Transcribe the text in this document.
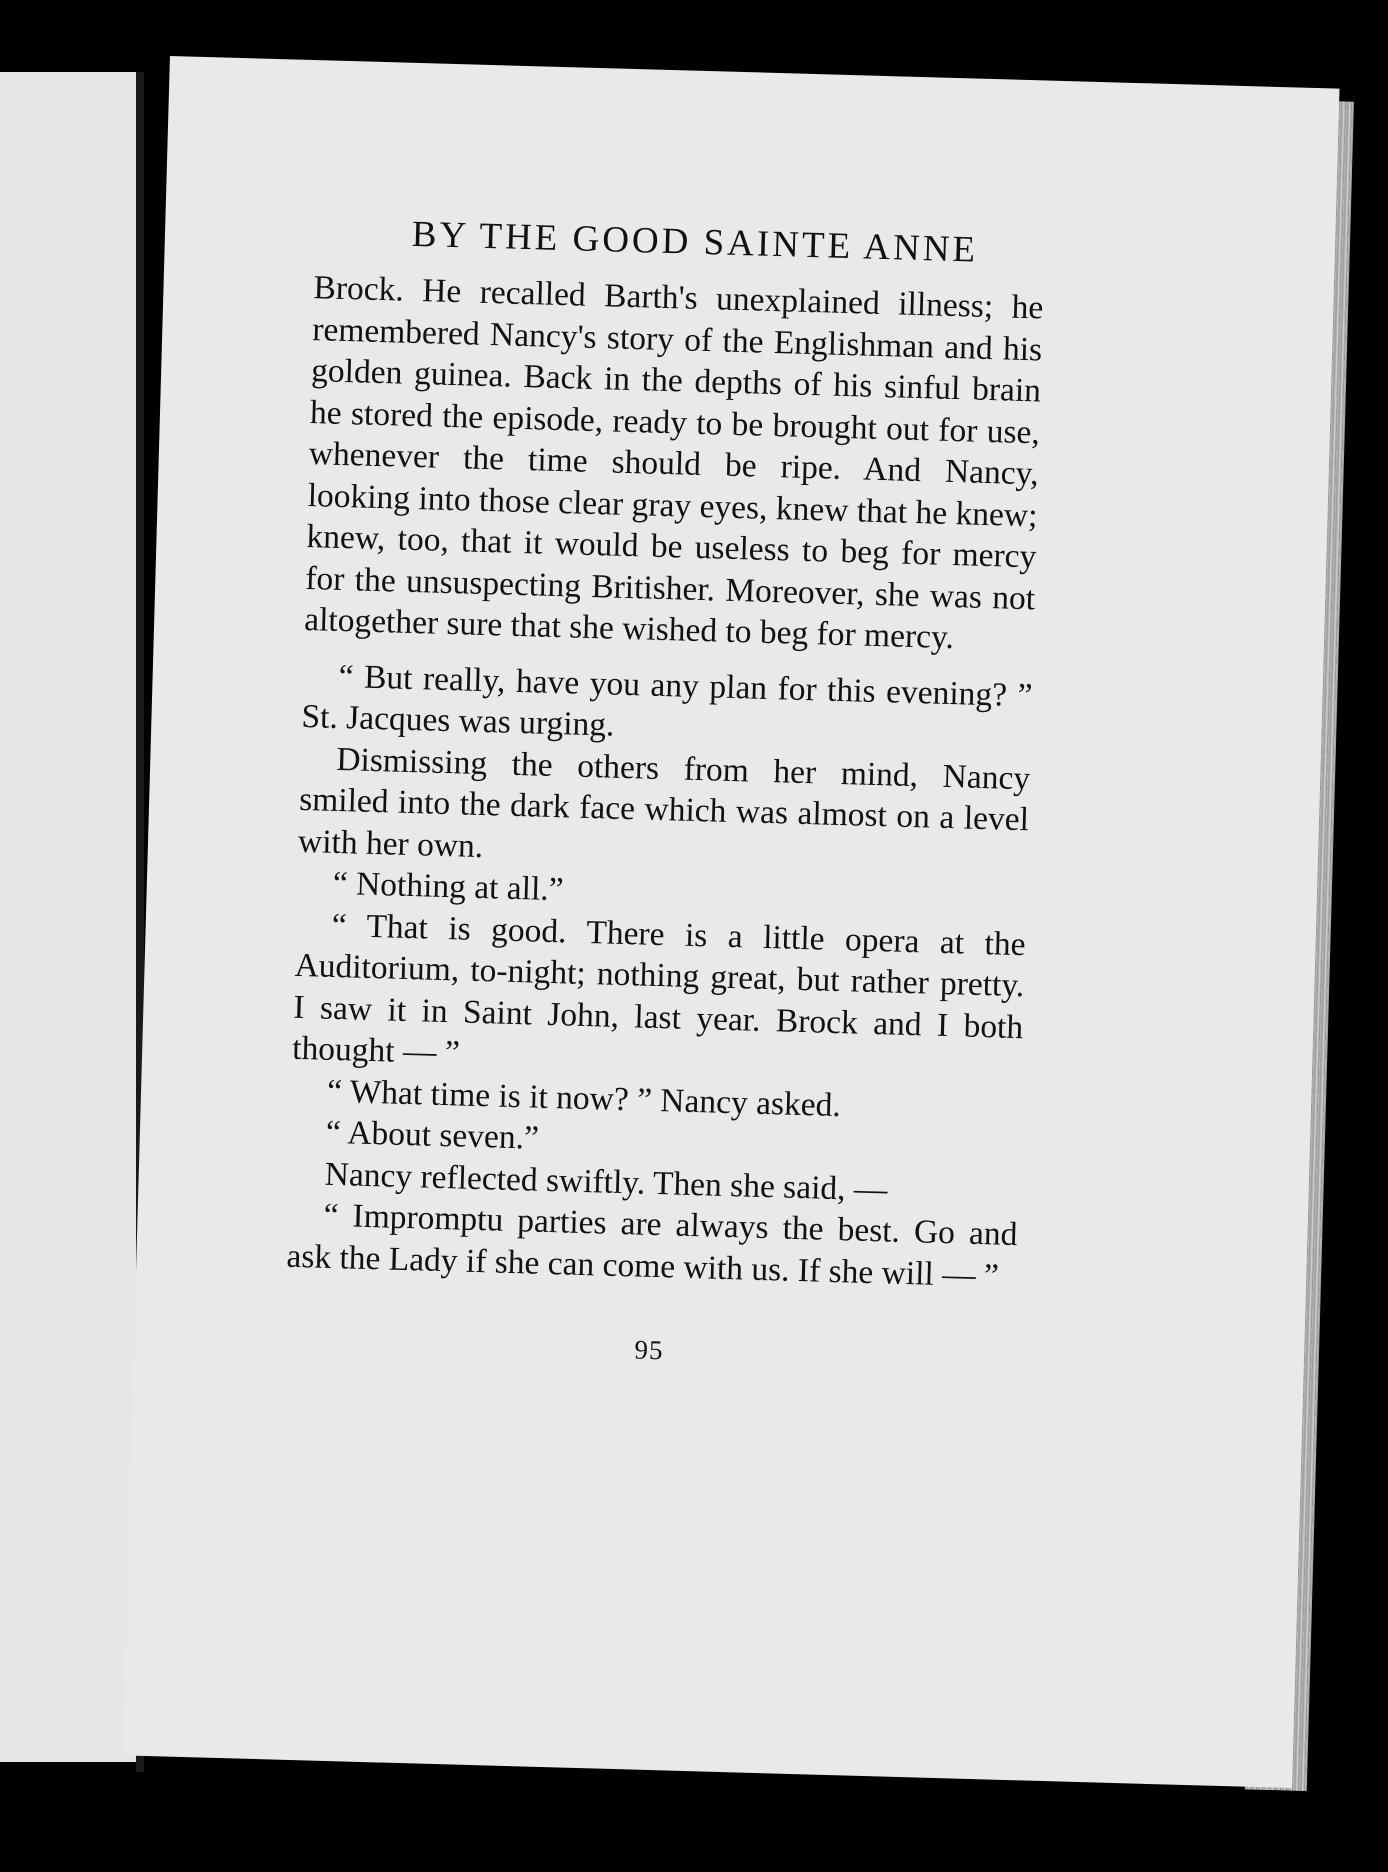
BY THE GOOD SAINTE ANNE

Brock. He recalled Barth's unexplained illness; he remembered Nancy's story of the Englishman and his golden guinea. Back in the depths of his sinful brain he stored the episode, ready to be brought out for use, whenever the time should be ripe. And Nancy, looking into those clear gray eyes, knew that he knew; knew, too, that it would be useless to beg for mercy for the unsuspecting Britisher. Moreover, she was not altogether sure that she wished to beg for mercy.

“ But really, have you any plan for this evening? ” St. Jacques was urging.

Dismissing the others from her mind, Nancy smiled into the dark face which was almost on a level with her own.

“ Nothing at all.”

“ That is good. There is a little opera at the Auditorium, to-night; nothing great, but rather pretty. I saw it in Saint John, last year. Brock and I both thought — ”

“ What time is it now? ” Nancy asked.

“ About seven.”

Nancy reflected swiftly. Then she said, —

“ Impromptu parties are always the best. Go and ask the Lady if she can come with us. If she will — ”

95
